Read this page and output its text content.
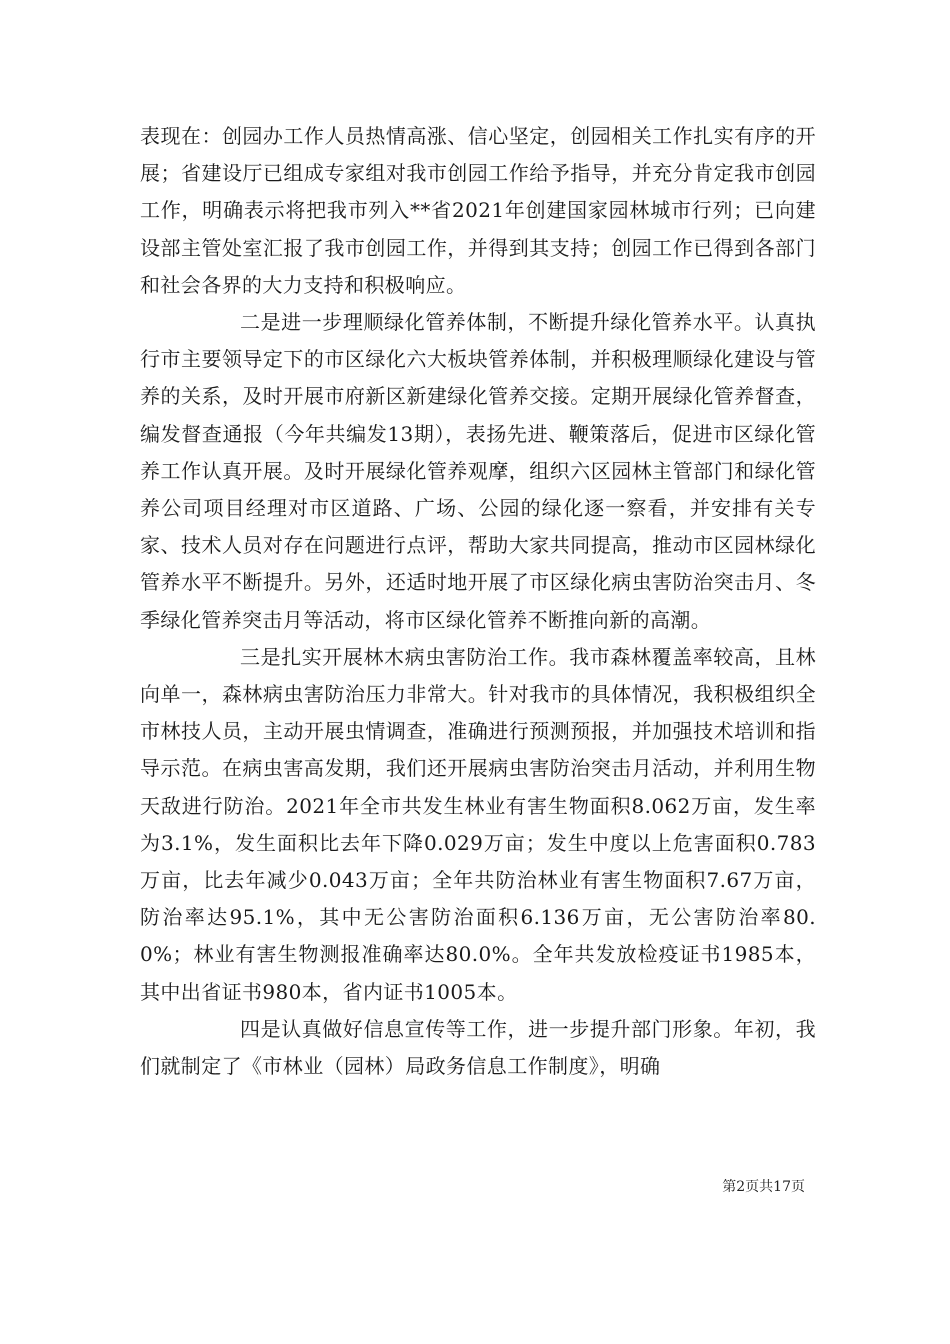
表现在：创园办工作人员热情高涨、信心坚定，创园相关工作扎实有序的开展；省建设厅已组成专家组对我市创园工作给予指导，并充分肯定我市创园工作，明确表示将把我市列入**省2021年创建国家园林城市行列；已向建设部主管处室汇报了我市创园工作，并得到其支持；创园工作已得到各部门和社会各界的大力支持和积极响应。

二是进一步理顺绿化管养体制，不断提升绿化管养水平。认真执行市主要领导定下的市区绿化六大板块管养体制，并积极理顺绿化建设与管养的关系，及时开展市府新区新建绿化管养交接。定期开展绿化管养督查，编发督查通报（今年共编发13期），表扬先进、鞭策落后，促进市区绿化管养工作认真开展。及时开展绿化管养观摩，组织六区园林主管部门和绿化管养公司项目经理对市区道路、广场、公园的绿化逐一察看，并安排有关专家、技术人员对存在问题进行点评，帮助大家共同提高，推动市区园林绿化管养水平不断提升。另外，还适时地开展了市区绿化病虫害防治突击月、冬季绿化管养突击月等活动，将市区绿化管养不断推向新的高潮。

三是扎实开展林木病虫害防治工作。我市森林覆盖率较高，且林向单一，森林病虫害防治压力非常大。针对我市的具体情况，我积极组织全市林技人员，主动开展虫情调查，准确进行预测预报，并加强技术培训和指导示范。在病虫害高发期，我们还开展病虫害防治突击月活动，并利用生物天敌进行防治。2021年全市共发生林业有害生物面积8.062万亩，发生率为3.1%，发生面积比去年下降0.029万亩；发生中度以上危害面积0.783万亩，比去年减少0.043万亩；全年共防治林业有害生物面积7.67万亩，防治率达95.1%，其中无公害防治面积6.136万亩，无公害防治率80.0%；林业有害生物测报准确率达80.0%。全年共发放检疫证书1985本，其中出省证书980本，省内证书1005本。

四是认真做好信息宣传等工作，进一步提升部门形象。年初，我们就制定了《市林业（园林）局政务信息工作制度》，明确

第2页共17页
